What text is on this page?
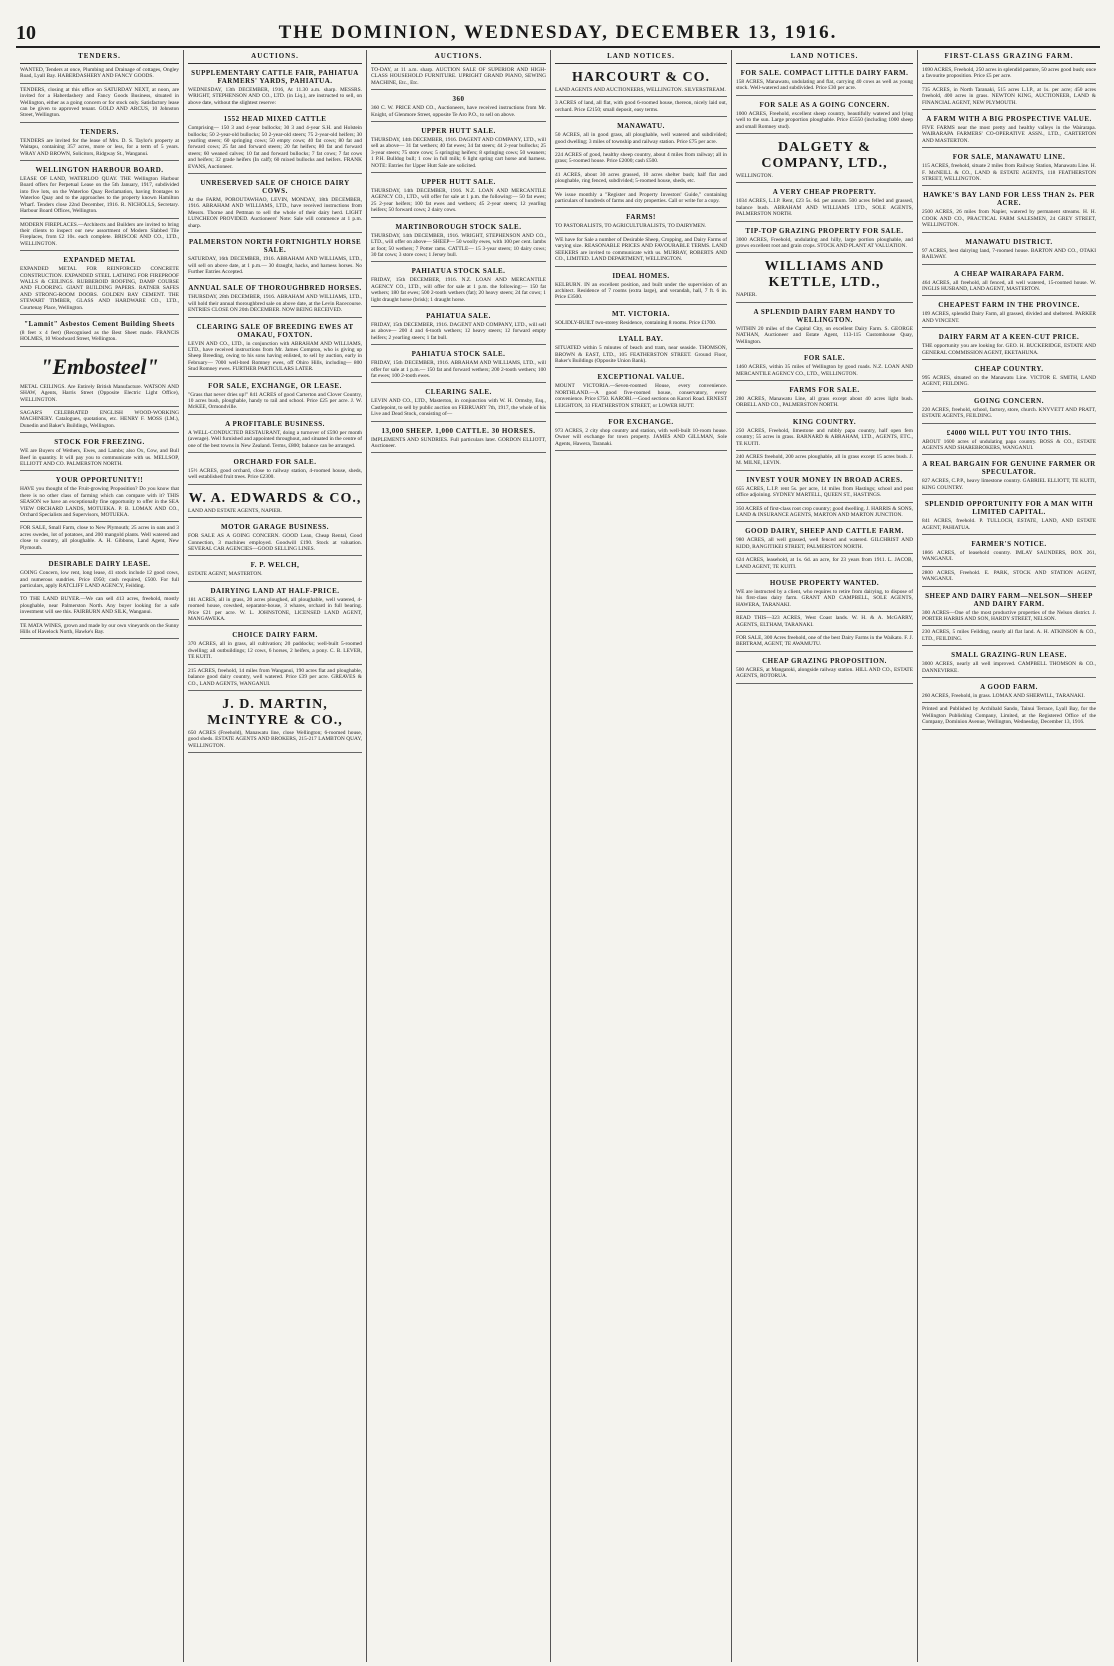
10	THE DOMINION, WEDNESDAY, DECEMBER 13, 1916.
TENDERS.
WANTED, Tenders at once, Plumbing and Drainage of cottages, Ongley Road, Lyall Bay. HABERDASHERY AND FANCY GOODS.
TENDERS, closing at this office on SATURDAY NEXT, at noon, are invited for a Haberdashery and Fancy Goods Business, situated in Wellington, either as a going concern or for stock only. Satisfactory lease can be given to approved tenant. GOLD AND ARCUS, 10 Johnston Street, Wellington.
TENDERS.
TENDERS are invited for the lease of Mrs. D. S. Taylor's property at Waitapu, containing 357 acres, more or less, for a term of 5 years. WRAY AND BROWN, Solicitors, Ridgway St., Wanganui.
WELLINGTON HARBOUR BOARD.
LEASE OF LAND, WATERLOO QUAY. THE Wellington Harbour Board offers for Perpetual Lease on the 5th January, 1917, subdivided into five lots, on the Waterloo Quay Reclamation, having frontages to Waterloo Quay and to the approaches to the property known Hamilton Wharf. Tenders close 22nd December, 1916. R. NICHOLLS, Secretary. Harbour Board Offices, Wellington.
MODERN FIREPLACES.—Architects and Builders are invited to bring their clients to inspect our new assortment of Modern Slabbed Tile Fireplaces, from £2 10s. each complete. BRISCOE AND CO., LTD., WELLINGTON.
EXPANDED METAL
EXPANDED METAL FOR REINFORCED CONCRETE CONSTRUCTION. EXPANDED STEEL LATHING FOR FIREPROOF WALLS & CEILINGS. RUBBEROID ROOFING, DAMP COURSE AND FLOORING. GIANT BUILDING PAPERS. RATNER SAFES AND STRONG-ROOM DOORS. GOLDEN BAY CEMENT. THE STEWART TIMBER, GLASS AND HARDWARE CO., LTD., Courtenay Place, Wellington.
"Lamnit" Asbestos Cement Building Sheets
(8 feet x 4 feet) (Recognised as the Best Sheet made. FRANCIS HOLMES, 10 Woodward Street, Wellington.
"Embosteel"
METAL CEILINGS. Are Entirely British Manufacture. WATSON AND SHAW, Agents, Harris Street (Opposite Electric Light Office), WELLINGTON.
SAGAR'S CELEBRATED ENGLISH WOOD-WORKING MACHINERY. Catalogues, quotations, etc. HENRY F. MOSS (LM.), Dunedin and Baker's Buildings, Wellington.
STOCK FOR FREEZING.
WE are Buyers of Wethers, Ewes, and Lambs; also Ox, Cow, and Bull Beef in quantity. It will pay you to communicate with us. MELLSOP, ELLIOTT AND CO. PALMERSTON NORTH.
YOUR OPPORTUNITY!!
HAVE you thought of the Fruit-growing Proposition? Do you know that there is no other class of farming which can compare with it? THIS SEASON we have an exceptionally fine opportunity to offer in the SEA VIEW ORCHARD LANDS, MOTUEKA. P. B. LOMAX AND CO., Orchard Specialists and Supervisors, MOTUEKA.
FOR SALE, Small Farm, close to New Plymouth; 25 acres in oats and 3 acres swedes, lot of potatoes, and 200 mangold plants. Well watered and close to country, all ploughable. A. H. Gibbons, Land Agent, New Plymouth.
DESIRABLE DAIRY LEASE.
GOING Concern, low rent, long lease, 41 stock include 12 good cows, and numerous sundries. Price £950; cash required, £500. For full particulars, apply RATCLIFF LAND AGENCY, Feilding.
TO THE LAND BUYER.—We can sell 413 acres, freehold, mostly ploughable, near Palmerston North. Any buyer looking for a safe investment will see this. FAIRBURN AND SILK, Wanganui.
TE MATA WINES, grown and made by our own vineyards on the Sunny Hills of Havelock North, Hawke's Bay.
AUCTIONS.
SUPPLEMENTARY CATTLE FAIR, PAHIATUA FARMERS' YARDS, PAHIATUA.
WEDNESDAY, 13th DECEMBER, 1916, At 11.30 a.m. sharp. MESSRS. WRIGHT, STEPHENSON AND CO., LTD. (in Liq.), are instructed to sell, on above date, without the slightest reserve:
1552 HEAD MIXED CATTLE
Comprising— 150 3 and 4-year bullocks; 30 3 and 4-year S.H. and Holstein bullocks; 50 2-year-old bullocks; 50 2-year-old steers; 75 2-year-old heifers; 30 yearling steers; 60 springing cows; 50 empty cows; 40 fat cows; 80 fat and forward cows; 25 fat and forward steers; 20 fat heifers; 80 fat and forward steers; 60 weaned calves; 10 fat and forward bullocks; 7 fat cows; 7 fat cows and heifers; 32 grade heifers (In calf); 60 mixed bullocks and heifers. FRANK EVANS, Auctioneer.
UNRESERVED SALE OF CHOICE DAIRY COWS.
At the FARM, POROUTAWHAO, LEVIN, MONDAY, 18th DECEMBER, 1916. ABRAHAM AND WILLIAMS, LTD., have received instructions from Messrs. Thorne and Pettman to sell the whole of their dairy herd. LIGHT LUNCHEON PROVIDED. Auctioneers' Note: Sale will commence at 1 p.m. sharp.
PALMERSTON NORTH FORTNIGHTLY HORSE SALE.
SATURDAY, 16th DECEMBER, 1916. ABRAHAM AND WILLIAMS, LTD., will sell on above date, at 1 p.m.— 30 draught, hacks, and harness horses. No Further Entries Accepted.
ANNUAL SALE OF THOROUGHBRED HORSES.
THURSDAY, 28th DECEMBER, 1916. ABRAHAM AND WILLIAMS, LTD., will hold their annual thoroughbred sale on above date, at the Levin Racecourse. ENTRIES CLOSE ON 20th DECEMBER. NOW BEING RECEIVED.
CLEARING SALE OF BREEDING EWES AT OMAKAU, FOXTON.
LEVIN AND CO., LTD., in conjunction with ABRAHAM AND WILLIAMS, LTD., have received instructions from Mr. James Compton, who is giving up Sheep Breeding, owing to his sons having enlisted, to sell by auction, early in February— 7000 well-bred Romney ewes, off Ohiro Hills, including— 800 Stud Romney ewes. FURTHER PARTICULARS LATER.
FOR SALE, EXCHANGE, OR LEASE.
"Grass that never dries up!" 841 ACRES of good Carterton and Clover Country, 10 acres bush, ploughable, handy to rail and school. Price £25 per acre. J. W. McKEE, Ormondville.
A PROFITABLE BUSINESS.
A WELL-CONDUCTED RESTAURANT, doing a turnover of £590 per month (average). Well furnished and appointed throughout, and situated in the centre of one of the best towns in New Zealand. Terms, £800; balance can be arranged.
ORCHARD FOR SALE.
15½ ACRES, good orchard, close to railway station, 4-roomed house, sheds, well established fruit trees. Price £2300.
W. A. EDWARDS & CO.,
LAND AND ESTATE AGENTS, NAPIER.
MOTOR GARAGE BUSINESS.
FOR SALE AS A GOING CONCERN. GOOD Lean, Cheap Rental, Good Connection, 3 machines employed. Goodwill £190. Stock at valuation. SEVERAL CAR AGENCIES—GOOD SELLING LINES.
F. P. WELCH,
ESTATE AGENT, MASTERTON.
DAIRYING LAND AT HALF-PRICE.
181 ACRES, all in grass, 20 acres ploughed, all ploughable, well watered, 4-roomed house, cowshed, separator-house, 3 whares, orchard in full bearing. Price £21 per acre. W. L. JOHNSTONE, LICENSED LAND AGENT, MANGAWEKA.
CHOICE DAIRY FARM.
370 ACRES, all in grass, all cultivation; 20 paddocks; well-built 5-roomed dwelling; all outbuildings; 12 cows, 6 horses, 2 heifers, a pony. C. B. LEVER, TE KUITI.
215 ACRES, freehold, 14 miles from Wanganui, 190 acres flat and ploughable, balance good dairy country, well watered. Price £39 per acre. GREAVES & CO., LAND AGENTS, WANGANUI.
J. D. MARTIN, McINTYRE & CO.,
650 ACRES (Freehold), Manawatu line, close Wellington; 6-roomed house, good sheds. ESTATE AGENTS AND BROKERS, 215-217 LAMBTON QUAY, WELLINGTON.
AUCTIONS.
TO-DAY, at 11 a.m. sharp. AUCTION SALE OF SUPERIOR AND HIGH-CLASS HOUSEHOLD FURNITURE. UPRIGHT GRAND PIANO, SEWING MACHINE, Etc., Etc.
360
360 C. W. PRICE AND CO., Auctioneers, have received instructions from Mr. Knight, of Glenmore Street, opposite Te Aro P.O., to sell on above.
UPPER HUTT SALE.
THURSDAY, 14th DECEMBER, 1916. DAGENT AND COMPANY, LTD., will sell as above— 31 fat wethers; 40 fat ewes; 34 fat steers; 44 2-year bullocks; 25 3-year steers; 75 store cows; 5 springing heifers; 8 springing cows; 50 weaners; 1 P.H. Bulldog bull; 1 cow in full milk; 6 light spring cart horse and harness. NOTE: Entries for Upper Hutt Sale are solicited.
UPPER HUTT SALE.
THURSDAY, 14th DECEMBER, 1916. N.Z. LOAN AND MERCANTILE AGENCY CO., LTD., will offer for sale at 1 p.m. the following:— 50 fat ewes; 25 2-year heifers; 100 fat ewes and wethers; 45 2-year steers; 12 yearling heifers; 50 forward cows; 2 dairy cows.
MARTINBOROUGH STOCK SALE.
THURSDAY, 14th DECEMBER, 1916. WRIGHT, STEPHENSON AND CO., LTD., will offer on above— SHEEP— 50 woolly ewes, with 100 per cent. lambs at foot; 50 wethers; 7 Potter rams. CATTLE— 15 3-year steers; 10 dairy cows; 30 fat cows; 3 store cows; 1 Jersey bull.
PAHIATUA STOCK SALE.
FRIDAY, 15th DECEMBER, 1916. N.Z. LOAN AND MERCANTILE AGENCY CO., LTD., will offer for sale at 1 p.m. the following:— 150 fat wethers; 180 fat ewes; 500 2-tooth wethers (fat); 20 heavy steers; 24 fat cows; 1 light draught horse (brisk); 1 draught horse.
PAHIATUA SALE.
FRIDAY, 15th DECEMBER, 1916. DAGENT AND COMPANY, LTD., will sell as above— 200 4 and 6-tooth wethers; 12 heavy steers; 12 forward empty heifers; 2 yearling steers; 1 fat bull.
PAHIATUA STOCK SALE.
FRIDAY, 15th DECEMBER, 1916. ABRAHAM AND WILLIAMS, LTD., will offer for sale at 1 p.m.— 150 fat and forward wethers; 200 2-tooth wethers; 100 fat ewes; 100 2-tooth ewes.
CLEARING SALE.
LEVIN AND CO., LTD., Masterton, in conjunction with W. H. Ormsby, Esq., Castlepoint, to sell by public auction on FEBRUARY 7th, 1917, the whole of his Live and Dead Stock, consisting of—
13,000 SHEEP. 1,000 CATTLE. 30 HORSES.
IMPLEMENTS AND SUNDRIES. Full particulars later. GORDON ELLIOTT, Auctioneer.
LAND NOTICES.
HARCOURT & CO.
LAND AGENTS AND AUCTIONEERS, WELLINGTON. SILVERSTREAM.
3 ACRES of land, all flat, with good 6-roomed house, thereon, nicely laid out, orchard. Price £2150; small deposit, easy terms.
MANAWATU.
50 ACRES, all in good grass, all ploughable, well watered and subdivided; good dwelling; 3 miles of township and railway station. Price £75 per acre.
224 ACRES of good, healthy sheep country, about 4 miles from railway; all in grass; 5-roomed house. Price £2000; cash £500.
41 ACRES, about 30 acres grassed, 10 acres shelter bush; half flat and ploughable, ring fenced, subdivided; 5-roomed house, sheds, etc.
We issue monthly a "Register and Property Investors' Guide," containing particulars of hundreds of farms and city properties. Call or write for a copy.
FARMS!
TO PASTORALISTS, TO AGRICULTURALISTS, TO DAIRYMEN.
WE have for Sale a number of Desirable Sheep, Cropping, and Dairy Farms of varying size. REASONABLE PRICES AND FAVOURABLE TERMS. LAND SEEKERS are invited to communicate with us. MURRAY, ROBERTS AND CO., LIMITED. LAND DEPARTMENT, WELLINGTON.
IDEAL HOMES.
KELBURN. IN an excellent position, and built under the supervision of an architect. Residence of 7 rooms (extra large), and verandah, hall, 7 ft. 6 in. Price £3500.
MT. VICTORIA.
SOLIDLY-BUILT two-storey Residence, containing 8 rooms. Price £1700.
LYALL BAY.
SITUATED within 5 minutes of beach and tram, near seaside. THOMSON, BROWN & EAST, LTD., 105 FEATHERSTON STREET. Ground Floor, Baker's Buildings (Opposite Union Bank).
EXCEPTIONAL VALUE.
MOUNT VICTORIA.—Seven-roomed House, every convenience. NORTHLAND.—A good five-roomed house, conservatory, every convenience. Price £750. KARORI.—Good sections on Karori Road. ERNEST LEIGHTON, 33 FEATHERSTON STREET, or LOWER HUTT.
FOR EXCHANGE.
973 ACRES, 2 city shop country and station, with well-built 10-room house. Owner will exchange for town property. JAMES AND GILLMAN, Sole Agents, Hawera, Taranaki.
LAND NOTICES.
FOR SALE. COMPACT LITTLE DAIRY FARM.
158 ACRES, Manawatu, undulating and flat, carrying 40 cows as well as young stock. Well-watered and subdivided. Price £30 per acre.
FOR SALE AS A GOING CONCERN.
1000 ACRES, Freehold, excellent sheep country, beautifully watered and lying well to the sun. Large proportion ploughable. Price £5550 (including 1000 sheep and small Romney stud).
DALGETY & COMPANY, LTD.,
WELLINGTON.
A VERY CHEAP PROPERTY.
1034 ACRES, L.I.P. Rent, £23 5s. 6d. per annum. 500 acres felled and grassed, balance bush. ABRAHAM AND WILLIAMS LTD., SOLE AGENTS, PALMERSTON NORTH.
TIP-TOP GRAZING PROPERTY FOR SALE.
3000 ACRES, Freehold, undulating and hilly, large portion ploughable, and grows excellent root and grain crops. STOCK AND PLANT AT VALUATION.
WILLIAMS AND KETTLE, LTD.,
NAPIER.
A SPLENDID DAIRY FARM HANDY TO WELLINGTON.
WITHIN 20 miles of the Capital City, on excellent Dairy Farm. S. GEORGE NATHAN, Auctioneer and Estate Agent, 113-115 Customhouse Quay, Wellington.
FOR SALE.
1460 ACRES, within 35 miles of Wellington by good roads. N.Z. LOAN AND MERCANTILE AGENCY CO., LTD., WELLINGTON.
FARMS FOR SALE.
280 ACRES, Manawatu Line, all grass except about 40 acres light bush. ORBELL AND CO., PALMERSTON NORTH.
KING COUNTRY.
250 ACRES, Freehold, limestone and rubbly papa country, half open fern country; 55 acres in grass. BARNARD & ABRAHAM, LTD., AGENTS, ETC., TE KUITI.
240 ACRES freehold, 200 acres ploughable, all in grass except 15 acres bush. J. M. MILNE, LEVIN.
INVEST YOUR MONEY IN BROAD ACRES.
655 ACRES, L.I.P. rent 5s. per acre, 14 miles from Hastings; school and post office adjoining. SYDNEY MARTELL, QUEEN ST., HASTINGS.
350 ACRES of first-class root crop country; good dwelling. J. HARRIS & SONS, LAND & INSURANCE AGENTS, MARTON AND MARTON JUNCTION.
GOOD DAIRY, SHEEP AND CATTLE FARM.
980 ACRES, all well grassed, well fenced and watered. GILCHRIST AND KIDD, RANGITIKEI STREET, PALMERSTON NORTH.
624 ACRES, leasehold, at 1s. 6d. an acre, for 23 years from 1911. L. JACOB, LAND AGENT, TE KUITI.
HOUSE PROPERTY WANTED.
WE are instructed by a client, who requires to retire from dairying, to dispose of his first-class dairy farm. GRANT AND CAMPBELL, SOLE AGENTS, HAWERA, TARANAKI.
READ THIS—323 ACRES, West Coast lands. W. H. & A. McGARRY, AGENTS, ELTHAM, TARANAKI.
FOR SALE, 300 Acres freehold, one of the best Dairy Farms in the Waikato. F. J. BERTRAM, AGENT, TE AWAMUTU.
CHEAP GRAZING PROPOSITION.
500 ACRES, at Mangatoki, alongside railway station. HILL AND CO., ESTATE AGENTS, ROTORUA.
FIRST-CLASS GRAZING FARM.
1690 ACRES, Freehold, 250 acres in splendid pasture, 50 acres good bush; once a favourite proposition. Price £5 per acre.
735 ACRES, in North Taranaki, 515 acres L.I.P., at 1s. per acre; 450 acres freehold, 400 acres in grass. NEWTON KING, AUCTIONEER, LAND & FINANCIAL AGENT, NEW PLYMOUTH.
A FARM WITH A BIG PROSPECTIVE VALUE.
FIVE FARMS near the most pretty and healthy valleys in the Wairarapa. WAIRARAPA FARMERS' CO-OPERATIVE ASSN., LTD., CARTERTON AND MASTERTON.
FOR SALE, MANAWATU LINE.
115 ACRES, freehold, situate 2 miles from Railway Station, Manawatu Line. H. F. McNEILL & CO., LAND & ESTATE AGENTS, 118 FEATHERSTON STREET, WELLINGTON.
HAWKE'S BAY LAND FOR LESS THAN 2s. PER ACRE.
2500 ACRES, 26 miles from Napier, watered by permanent streams. H. H. COOK AND CO., PRACTICAL FARM SALESMEN, 24 GREY STREET, WELLINGTON.
MANAWATU DISTRICT.
97 ACRES, best dairying land, 7-roomed house. BARTON AND CO., OTAKI RAILWAY.
A CHEAP WAIRARAPA FARM.
464 ACRES, all freehold, all fenced, all well watered, 15-roomed house. W. INGLIS HUSBAND, LAND AGENT, MASTERTON.
CHEAPEST FARM IN THE PROVINCE.
109 ACRES, splendid Dairy Farm, all grassed, divided and sheltered. PARKER AND VINCENT.
DAIRY FARM AT A KEEN-CUT PRICE.
THE opportunity you are looking for. GEO. H. BUCKERIDGE, ESTATE AND GENERAL COMMISSION AGENT, EKETAHUNA.
CHEAP COUNTRY.
995 ACRES, situated on the Manawatu Line. VICTOR E. SMITH, LAND AGENT, FEILDING.
GOING CONCERN.
220 ACRES, freehold, school, factory, store, church. KNYVETT AND PRATT, ESTATE AGENTS, FEILDING.
£4000 WILL PUT YOU INTO THIS.
ABOUT 1600 acres of undulating papa country. BOSS & CO., ESTATE AGENTS AND SHAREBROKERS, WANGANUI.
A REAL BARGAIN FOR GENUINE FARMER OR SPECULATOR.
827 ACRES, C.P.P., heavy limestone country. GABRIEL ELLIOTT, TE KUITI, KING COUNTRY.
SPLENDID OPPORTUNITY FOR A MAN WITH LIMITED CAPITAL.
841 ACRES, freehold. P. TULLOCH, ESTATE, LAND, AND ESTATE AGENT, PAHIATUA.
FARMER'S NOTICE.
1866 ACRES, of leasehold country. IMLAY SAUNDERS, BOX 261, WANGANUI.
2800 ACRES, Freehold. E. PARK, STOCK AND STATION AGENT, WANGANUI.
SHEEP AND DAIRY FARM—NELSON—SHEEP AND DAIRY FARM.
300 ACRES—One of the most productive properties of the Nelson district. J. PORTER HARRIS AND SON, HARDY STREET, NELSON.
230 ACRES, 5 miles Feilding, nearly all flat land. A. H. ATKINSON & CO., LTD., FEILDING.
SMALL GRAZING-RUN LEASE.
3000 ACRES, nearly all well improved. CAMPBELL THOMSON & CO., DANNEVIRKE.
A GOOD FARM.
260 ACRES, Freehold, in grass. LOMAX AND SHERWILL, TARANAKI.
Printed and Published by Archibald Sando, Tainui Terrace, Lyall Bay, for the Wellington Publishing Company, Limited, at the Registered Office of the Company, Dominion Avenue, Wellington, Wednesday, December 13, 1916.
